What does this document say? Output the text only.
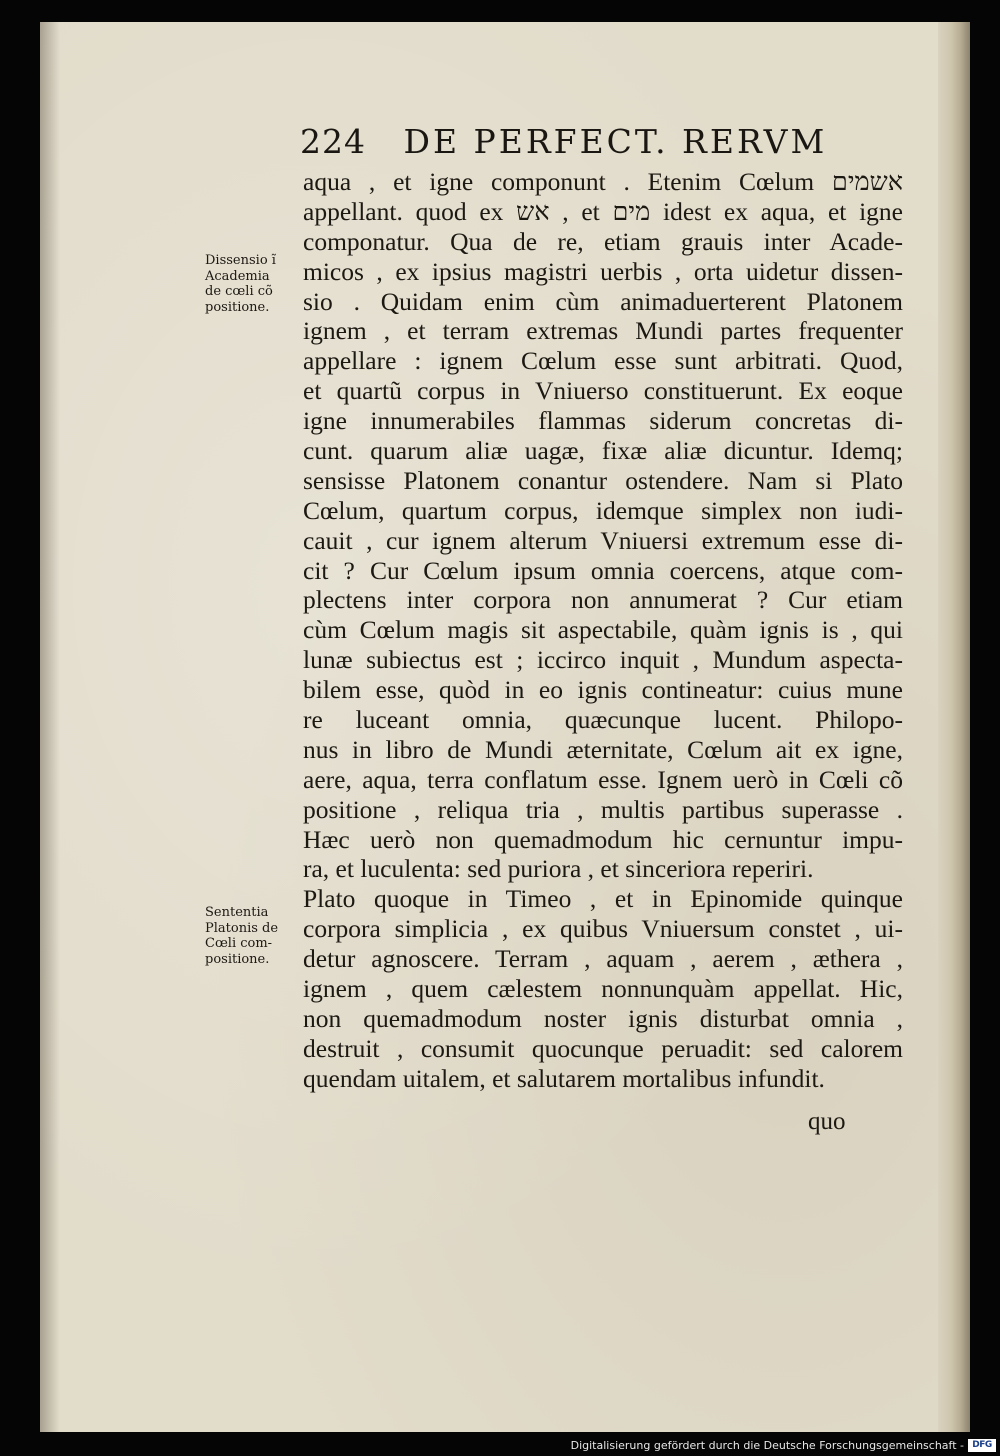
224 DE PERFECT. RERVM
Dissensio ĩ
Academia
de cœli cõ
positione.
Sententia
Platonis de
Cœli com-
positione.
aqua , et igne componunt . Etenim Cœlum אשמים
appellant. quod ex אש , et מים idest ex aqua, et igne
componatur. Qua de re, etiam grauis inter Acade-
micos , ex ipsius magistri uerbis , orta uidetur dissen-
sio . Quidam enim cùm animaduerterent Platonem
ignem , et terram extremas Mundi partes frequenter
appellare : ignem Cœlum esse sunt arbitrati. Quod,
et quartũ corpus in Vniuerso constituerunt. Ex eoque
igne innumerabiles flammas siderum concretas di-
cunt. quarum aliæ uagæ, fixæ aliæ dicuntur. Idemq;
sensisse Platonem conantur ostendere. Nam si Plato
Cœlum, quartum corpus, idemque simplex non iudi-
cauit , cur ignem alterum Vniuersi extremum esse di-
cit ? Cur Cœlum ipsum omnia coercens, atque com-
plectens inter corpora non annumerat ? Cur etiam
cùm Cœlum magis sit aspectabile, quàm ignis is , qui
lunæ subiectus est ; iccirco inquit , Mundum aspecta-
bilem esse, quòd in eo ignis contineatur: cuius mune
re luceant omnia, quæcunque lucent. Philopo-
nus in libro de Mundi æternitate, Cœlum ait ex igne,
aere, aqua, terra conflatum esse. Ignem uerò in Cœli cõ
positione , reliqua tria , multis partibus superasse .
Hæc uerò non quemadmodum hic cernuntur impu-
ra, et luculenta: sed puriora , et sinceriora reperiri.
Plato quoque in Timeo , et in Epinomide quinque
corpora simplicia , ex quibus Vniuersum constet , ui-
detur agnoscere. Terram , aquam , aerem , æthera ,
ignem , quem cælestem nonnunquàm appellat. Hic,
non quemadmodum noster ignis disturbat omnia ,
destruit , consumit quocunque peruadit: sed calorem
quendam uitalem, et salutarem mortalibus infundit.
quo
Digitalisierung gefördert durch die Deutsche Forschungsgemeinschaft - DFG
